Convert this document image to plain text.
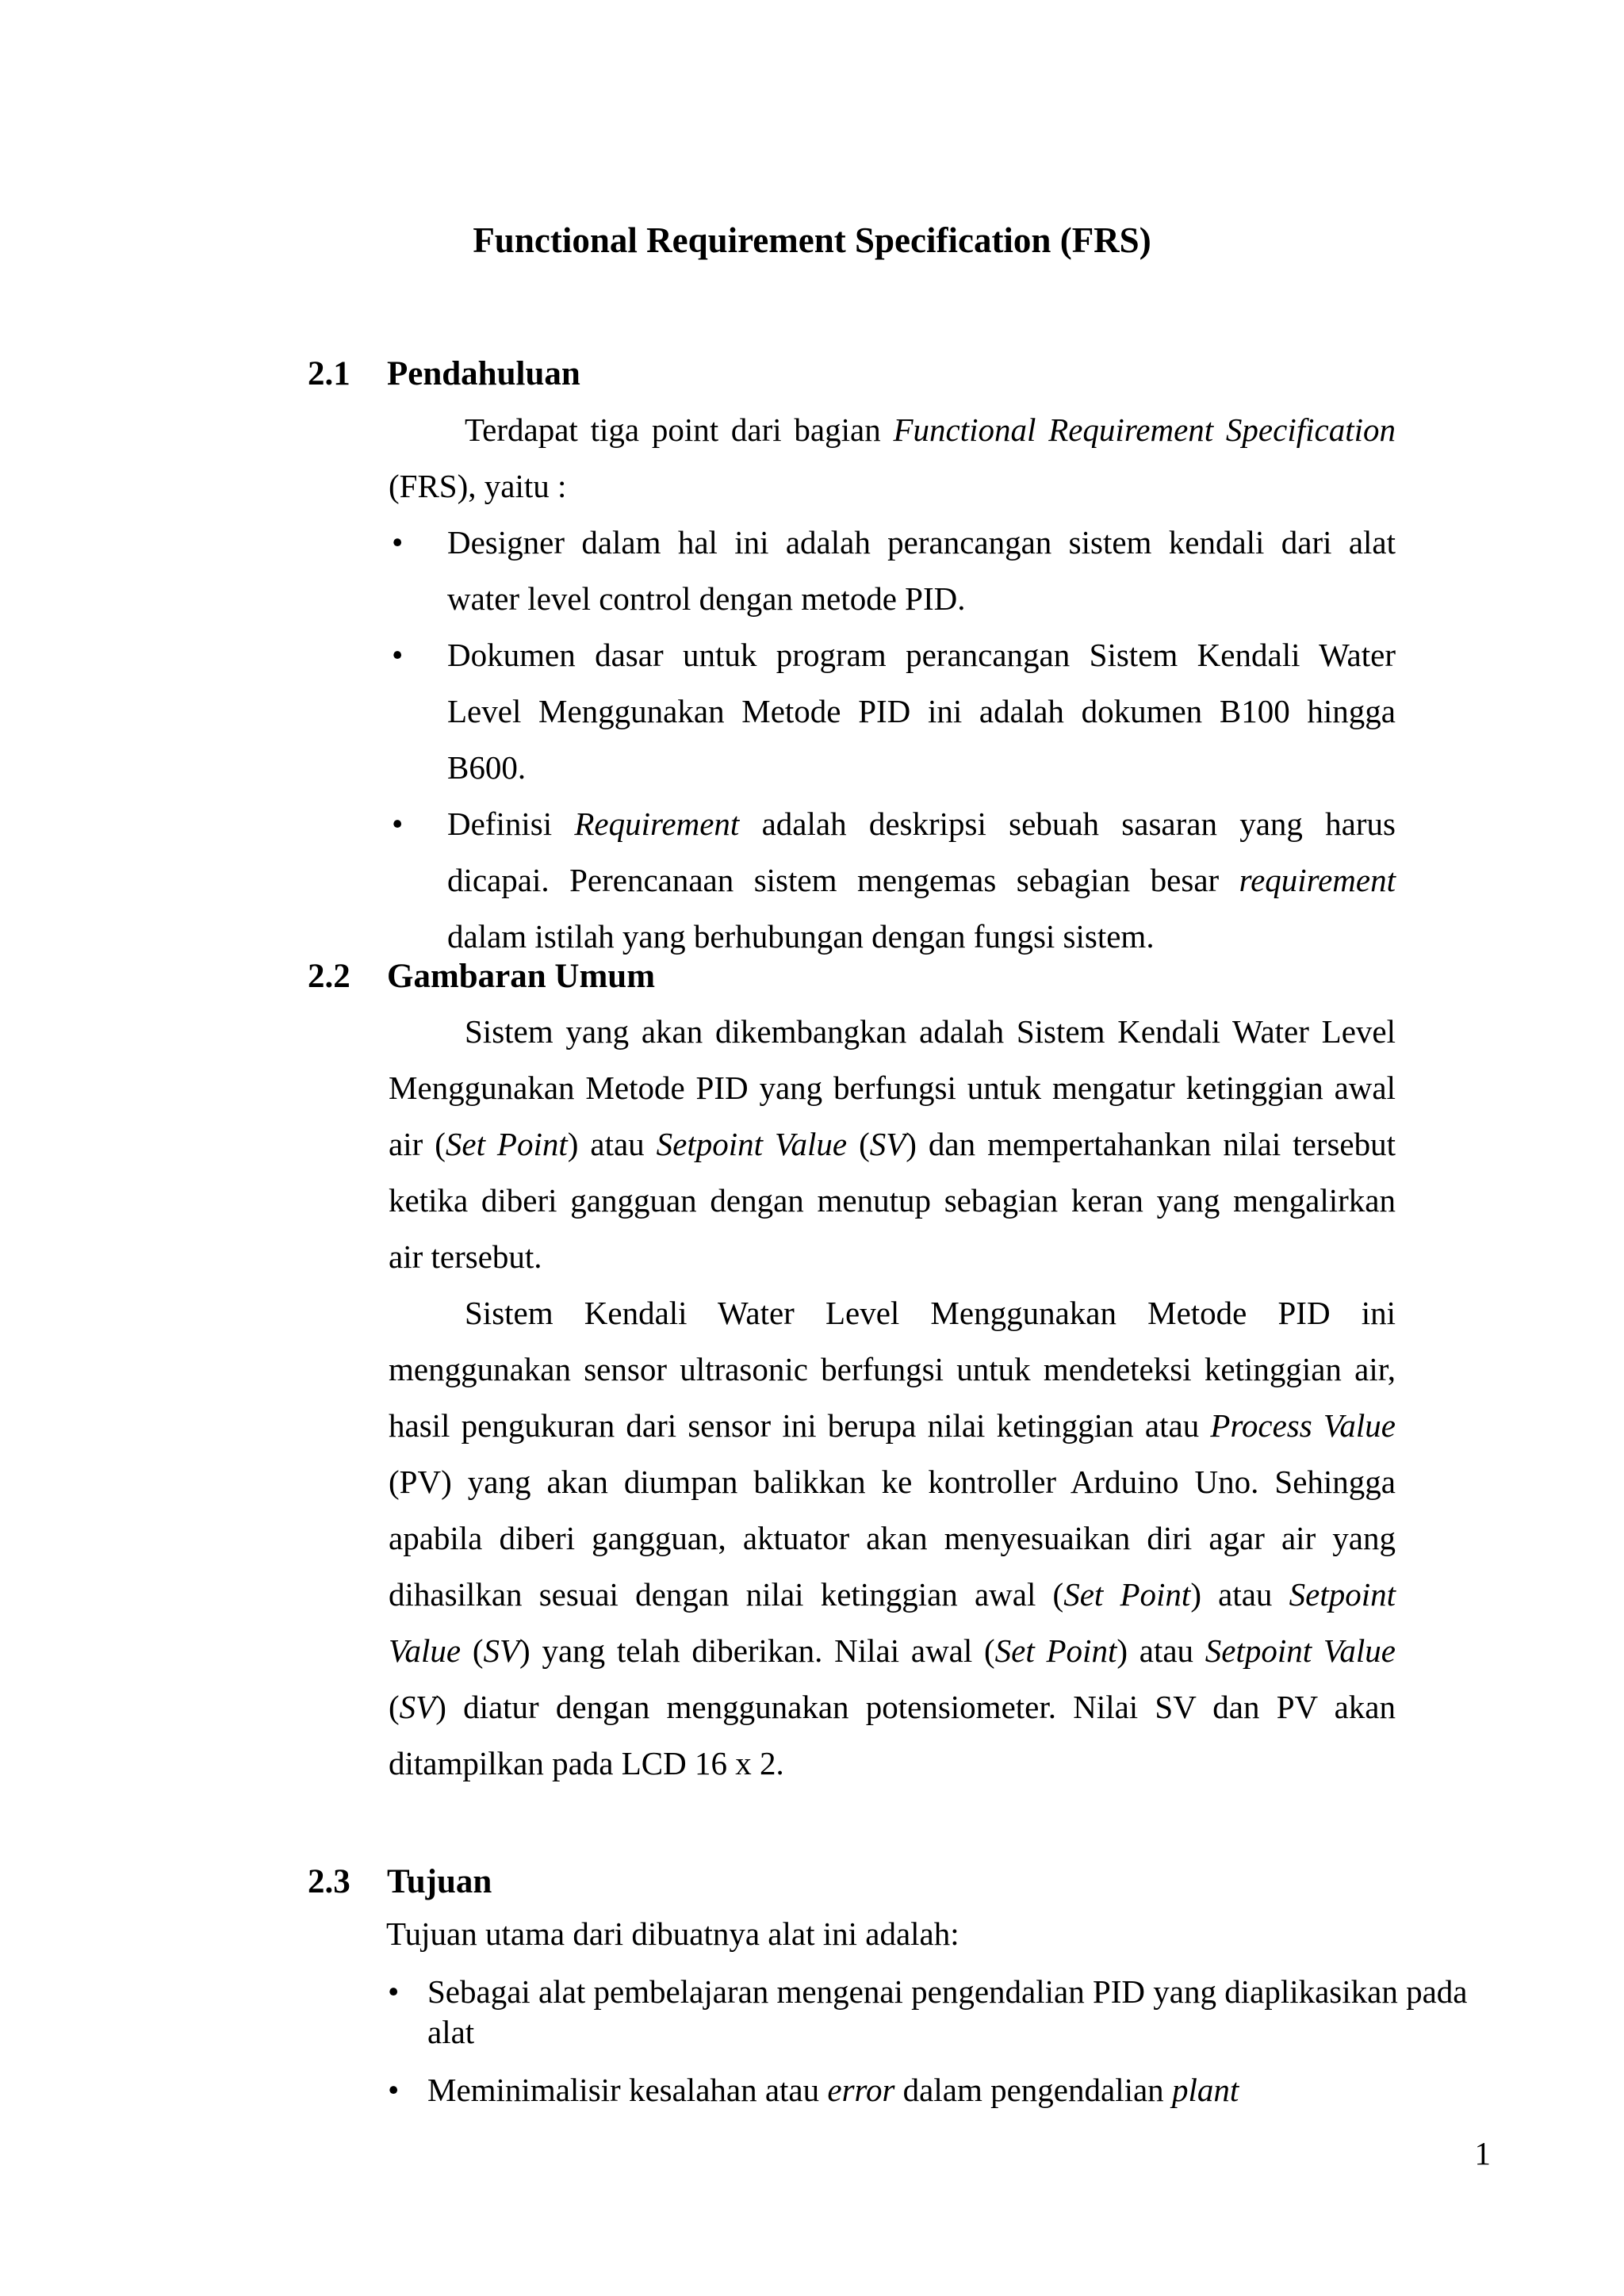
Functional Requirement Specification (FRS)
2.1 Pendahuluan

Terdapat tiga point dari bagian Functional Requirement Specification (FRS), yaitu :

• Designer dalam hal ini adalah perancangan sistem kendali dari alat water level control dengan metode PID.
• Dokumen dasar untuk program perancangan Sistem Kendali Water Level Menggunakan Metode PID ini adalah dokumen B100 hingga B600.
• Definisi Requirement adalah deskripsi sebuah sasaran yang harus dicapai. Perencanaan sistem mengemas sebagian besar requirement dalam istilah yang berhubungan dengan fungsi sistem.
2.2 Gambaran Umum

Sistem yang akan dikembangkan adalah Sistem Kendali Water Level Menggunakan Metode PID yang berfungsi untuk mengatur ketinggian awal air (Set Point) atau Setpoint Value (SV) dan mempertahankan nilai tersebut ketika diberi gangguan dengan menutup sebagian keran yang mengalirkan air tersebut.

Sistem Kendali Water Level Menggunakan Metode PID ini menggunakan sensor ultrasonic berfungsi untuk mendeteksi ketinggian air, hasil pengukuran dari sensor ini berupa nilai ketinggian atau Process Value (PV) yang akan diumpan balikkan ke kontroller Arduino Uno. Sehingga apabila diberi gangguan, aktuator akan menyesuaikan diri agar air yang dihasilkan sesuai dengan nilai ketinggian awal (Set Point) atau Setpoint Value (SV) yang telah diberikan. Nilai awal (Set Point) atau Setpoint Value (SV) diatur dengan menggunakan potensiometer. Nilai SV dan PV akan ditampilkan pada LCD 16 x 2.

2.3 Tujuan

Tujuan utama dari dibuatnya alat ini adalah:

• Sebagai alat pembelajaran mengenai pengendalian PID yang diaplikasikan pada alat
• Meminimalisir kesalahan atau error dalam pengendalian plant
1
